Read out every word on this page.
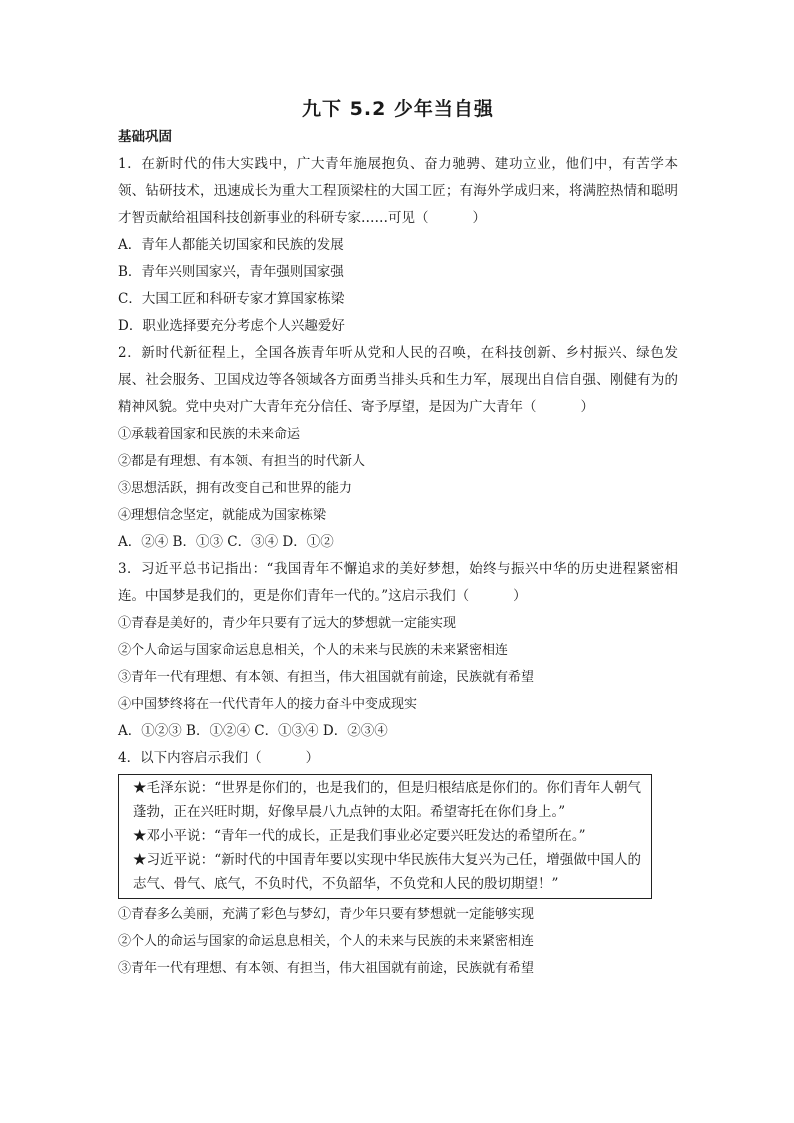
九下 5.2 少年当自强
基础巩固

1．在新时代的伟大实践中，广大青年施展抱负、奋力驰骋、建功立业，他们中，有苦学本领、钻研技术，迅速成长为重大工程顶梁柱的大国工匠；有海外学成归来，将满腔热情和聪明才智贡献给祖国科技创新事业的科研专家……可见（	）

A．青年人都能关切国家和民族的发展

B．青年兴则国家兴，青年强则国家强

C．大国工匠和科研专家才算国家栋梁

D．职业选择要充分考虑个人兴趣爱好

2．新时代新征程上，全国各族青年听从党和人民的召唤，在科技创新、乡村振兴、绿色发展、社会服务、卫国戍边等各领域各方面勇当排头兵和生力军，展现出自信自强、刚健有为的精神风貌。党中央对广大青年充分信任、寄予厚望，是因为广大青年（	）

①承载着国家和民族的未来命运

②都是有理想、有本领、有担当的时代新人

③思想活跃，拥有改变自己和世界的能力

④理想信念坚定，就能成为国家栋梁

A．②④ B．①③ C．③④ D．①②

3．习近平总书记指出：“我国青年不懈追求的美好梦想，始终与振兴中华的历史进程紧密相连。中国梦是我们的，更是你们青年一代的。”这启示我们（	）

①青春是美好的，青少年只要有了远大的梦想就一定能实现

②个人命运与国家命运息息相关，个人的未来与民族的未来紧密相连

③青年一代有理想、有本领、有担当，伟大祖国就有前途，民族就有希望

④中国梦终将在一代代青年人的接力奋斗中变成现实

A．①②③ B．①②④ C．①③④ D．②③④

4．以下内容启示我们（	）

★毛泽东说：“世界是你们的，也是我们的，但是归根结底是你们的。你们青年人朝气蓬勃，正在兴旺时期，好像早晨八九点钟的太阳。希望寄托在你们身上。”

★邓小平说：“青年一代的成长，正是我们事业必定要兴旺发达的希望所在。”

★习近平说：“新时代的中国青年要以实现中华民族伟大复兴为己任，增强做中国人的志气、骨气、底气，不负时代，不负韶华，不负党和人民的殷切期望！”

①青春多么美丽，充满了彩色与梦幻，青少年只要有梦想就一定能够实现

②个人的命运与国家的命运息息相关，个人的未来与民族的未来紧密相连

③青年一代有理想、有本领、有担当，伟大祖国就有前途，民族就有希望
